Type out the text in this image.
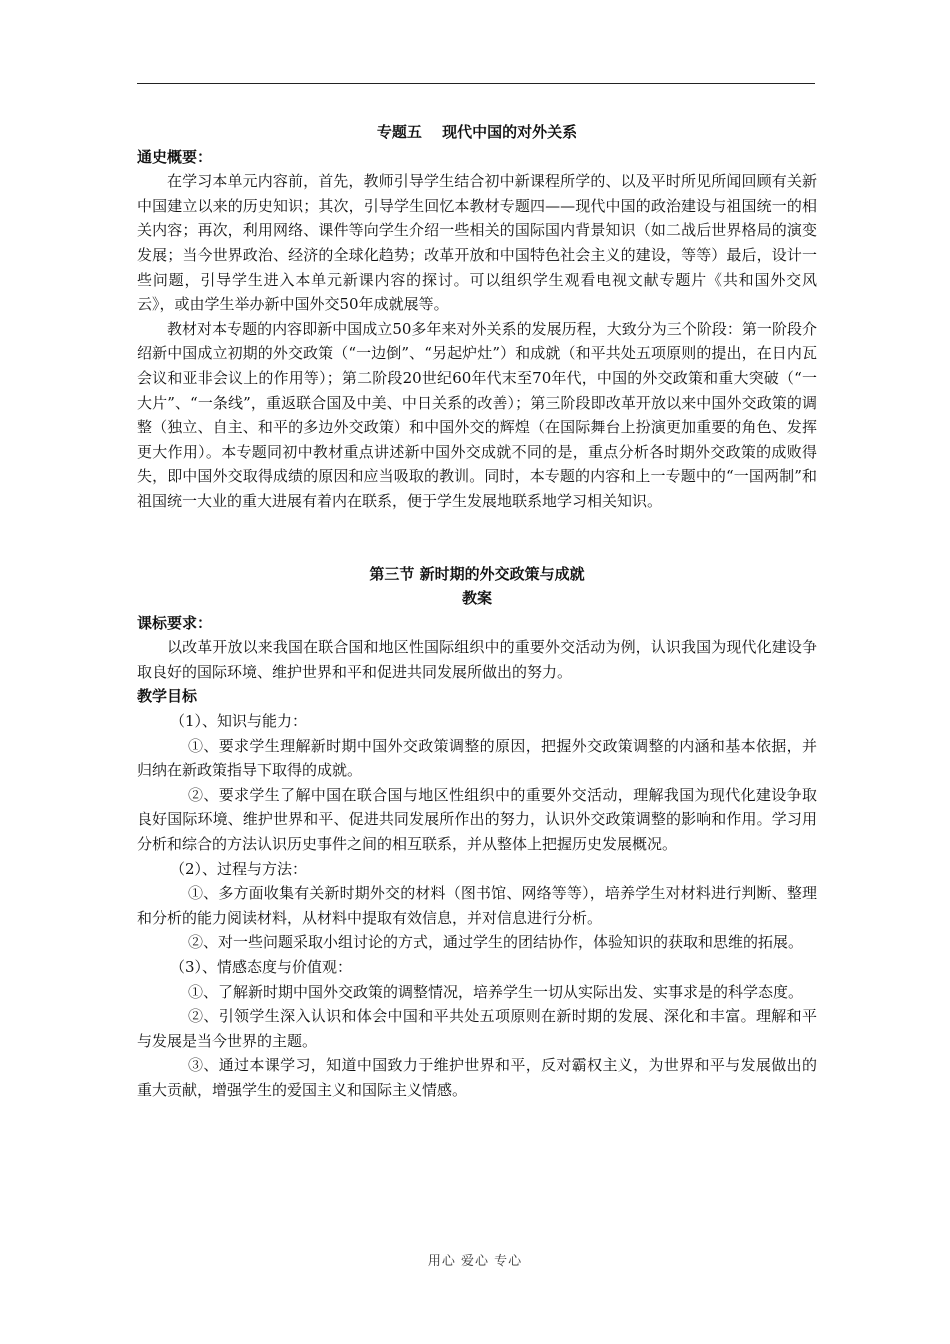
专题五　 现代中国的对外关系
通史概要：

在学习本单元内容前，首先，教师引导学生结合初中新课程所学的、以及平时所见所闻回顾有关新中国建立以来的历史知识；其次，引导学生回忆本教材专题四——现代中国的政治建设与祖国统一的相关内容；再次，利用网络、课件等向学生介绍一些相关的国际国内背景知识（如二战后世界格局的演变发展；当今世界政治、经济的全球化趋势；改革开放和中国特色社会主义的建设，等等）最后，设计一些问题，引导学生进入本单元新课内容的探讨。可以组织学生观看电视文献专题片《共和国外交风云》，或由学生举办新中国外交50年成就展等。

教材对本专题的内容即新中国成立50多年来对外关系的发展历程，大致分为三个阶段：第一阶段介绍新中国成立初期的外交政策（“一边倒”、“另起炉灶”）和成就（和平共处五项原则的提出，在日内瓦会议和亚非会议上的作用等）；第二阶段20世纪60年代末至70年代，中国的外交政策和重大突破（“一大片”、“一条线”，重返联合国及中美、中日关系的改善）；第三阶段即改革开放以来中国外交政策的调整（独立、自主、和平的多边外交政策）和中国外交的辉煌（在国际舞台上扮演更加重要的角色、发挥更大作用）。本专题同初中教材重点讲述新中国外交成就不同的是，重点分析各时期外交政策的成败得失，即中国外交取得成绩的原因和应当吸取的教训。同时，本专题的内容和上一专题中的“一国两制”和祖国统一大业的重大进展有着内在联系，便于学生发展地联系地学习相关知识。

第三节 新时期的外交政策与成就
教案
课标要求：

以改革开放以来我国在联合国和地区性国际组织中的重要外交活动为例，认识我国为现代化建设争取良好的国际环境、维护世界和平和促进共同发展所做出的努力。

教学目标

（1）、知识与能力：

①、要求学生理解新时期中国外交政策调整的原因，把握外交政策调整的内涵和基本依据，并归纳在新政策指导下取得的成就。

②、要求学生了解中国在联合国与地区性组织中的重要外交活动，理解我国为现代化建设争取良好国际环境、维护世界和平、促进共同发展所作出的努力，认识外交政策调整的影响和作用。学习用分析和综合的方法认识历史事件之间的相互联系，并从整体上把握历史发展概况。

（2）、过程与方法：

①、多方面收集有关新时期外交的材料（图书馆、网络等等），培养学生对材料进行判断、整理和分析的能力阅读材料，从材料中提取有效信息，并对信息进行分析。

②、对一些问题采取小组讨论的方式，通过学生的团结协作，体验知识的获取和思维的拓展。

（3）、情感态度与价值观：

①、了解新时期中国外交政策的调整情况，培养学生一切从实际出发、实事求是的科学态度。

②、引领学生深入认识和体会中国和平共处五项原则在新时期的发展、深化和丰富。理解和平与发展是当今世界的主题。

③、通过本课学习，知道中国致力于维护世界和平，反对霸权主义，为世界和平与发展做出的重大贡献，增强学生的爱国主义和国际主义情感。

用心 爱心 专心
